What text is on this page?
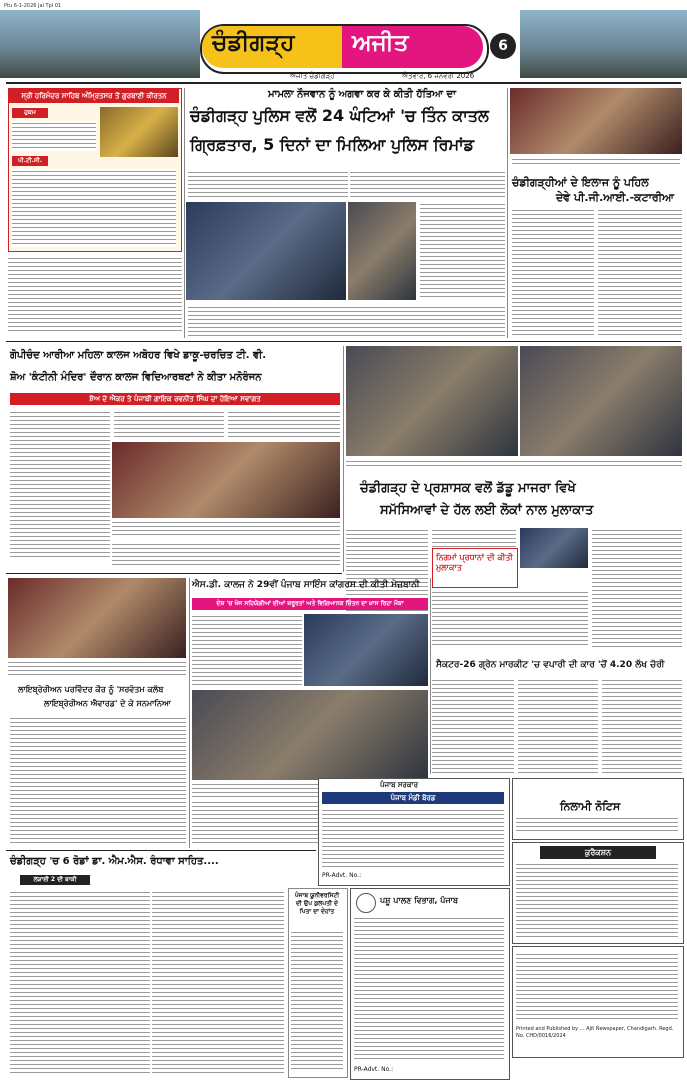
Ptu 6-1-2026 Jal Tpl 01
ਚੰਡੀਗੜ੍ਹ ਅਜੀਤ	6
ਅਜੀਤ ਚੰਡੀਗੜ੍ਹ	ਐਤਵਾਰ, 6 ਜਨਵਰੀ 2026
ਸ੍ਰੀ ਹਰਿਮੰਦਰ ਸਾਹਿਬ ਅੰਮ੍ਰਿਤਸਰ ਤੋਂ ਗੁਰਬਾਣੀ ਕੀਰਤਨ
ਹੁਕਮ
ਪੀ.ਟੀ.ਸੀ.
ਮਾਮਲਾ ਨੌਜਵਾਨ ਨੂੰ ਅਗਵਾ ਕਰ ਕੇ ਕੀਤੀ ਹੱਤਿਆ ਦਾ
ਚੰਡੀਗੜ੍ਹ ਪੁਲਿਸ ਵਲੋਂ 24 ਘੰਟਿਆਂ 'ਚ ਤਿੰਨ ਕਾਤਲ
ਗ੍ਰਿਫ਼ਤਾਰ, 5 ਦਿਨਾਂ ਦਾ ਮਿਲਿਆ ਪੁਲਿਸ ਰਿਮਾਂਡ
ਚੰਡੀਗੜ੍ਹੀਆਂ ਦੇ ਇਲਾਜ ਨੂੰ ਪਹਿਲ
ਦੇਵੇ ਪੀ.ਜੀ.ਆਈ.-ਕਟਾਰੀਆ
ਗੋਪੀਚੰਦ ਆਰੀਆ ਮਹਿਲਾ ਕਾਲਜ ਅਬੋਹਰ ਵਿਖੇ ਡਾਕੂ-ਚਰਚਿਤ ਟੀ. ਵੀ.
ਸ਼ੋਅ 'ਕੰਟੀਨੀ ਮੰਦਿਰ' ਦੌਰਾਨ ਕਾਲਜ ਵਿਦਿਆਰਥਣਾਂ ਨੇ ਕੀਤਾ ਮਨੋਰੰਜਨ
ਸ਼ੋਅ ਦੇ ਐਂਕਰ ਤੇ ਪੰਜਾਬੀ ਗਾਇਕ ਰਵਨੀਤ ਸਿੰਘ ਦਾ ਹੋਇਆ ਸਵਾਗਤ
ਚੰਡੀਗੜ੍ਹ ਦੇ ਪ੍ਰਸ਼ਾਸਕ ਵਲੋਂ ਡੱਡੂ ਮਾਜਰਾ ਵਿਖੇ
ਸਮੱਸਿਆਵਾਂ ਦੇ ਹੱਲ ਲਈ ਲੋਕਾਂ ਨਾਲ ਮੁਲਾਕਾਤ
ਨਿਗਮਾਂ ਪ੍ਰਧਾਨਾਂ ਦੀ ਕੀਤੀ ਮੁਲਾਕਾਤ
ਲਾਇਬ੍ਰੇਰੀਅਨ ਪਰਵਿੰਦਰ ਕੌਰ ਨੂੰ 'ਸਰਵੋਤਮ ਕਲੱਬ
ਲਾਇਬ੍ਰੇਰੀਅਨ ਐਵਾਰਡ' ਦੇ ਕੇ ਸਨਮਾਨਿਆ
ਐਸ.ਡੀ. ਕਾਲਜ ਨੇ 29ਵੀਂ ਪੰਜਾਬ ਸਾਇੰਸ ਕਾਂਗਰਸ ਦੀ ਕੀਤੀ ਮੇਜ਼ਬਾਨੀ
ਦੇਸ਼ 'ਚ ਖੋਜ ਸਹਿਯੋਗੀਆਂ ਦੀਆਂ ਜ਼ਰੂਰਤਾਂ ਅਤੇ ਵਿਗਿਆਨਕ ਚਿੰਤਨ ਦਾ ਖ਼ਾਸ ਰਿਹਾ ਮੌਕਾ
ਸੈਕਟਰ-26 ਗ੍ਰੇਨ ਮਾਰਕੀਟ 'ਚ ਵਪਾਰੀ ਦੀ ਕਾਰ 'ਚੋਂ 4.20 ਲੱਖ ਚੋਰੀ
ਪੰਜਾਬ ਸਰਕਾਰ
ਪੰਜਾਬ ਮੰਡੀ ਬੋਰਡ
PR-Advt. No.:
ਨਿਲਾਮੀ ਨੋਟਿਸ
ਕੁਰੈਕਸ਼ਨ
ਚੰਡੀਗੜ੍ਹ 'ਚ 6 ਰੋਡਾਂ ਡਾ. ਐਮ.ਐਸ. ਰੰਧਾਵਾ ਸਾਹਿਤ....
ਲੜਾਈ 2 ਦੀ ਬਾਕੀ
ਪੰਜਾਬ ਯੂਨੀਵਰਸਿਟੀ ਦੀ ਉਪ ਕੁਲਪਤੀ ਦੇ ਪਿਤਾ ਦਾ ਦੇਹਾਂਤ
ਪਸ਼ੂ ਪਾਲਣ ਵਿਭਾਗ, ਪੰਜਾਬ
PR-Advt. No.:
Printed and Published by ... Ajit Newspaper, Chandigarh. Regd. No. CHD/0016/2024
